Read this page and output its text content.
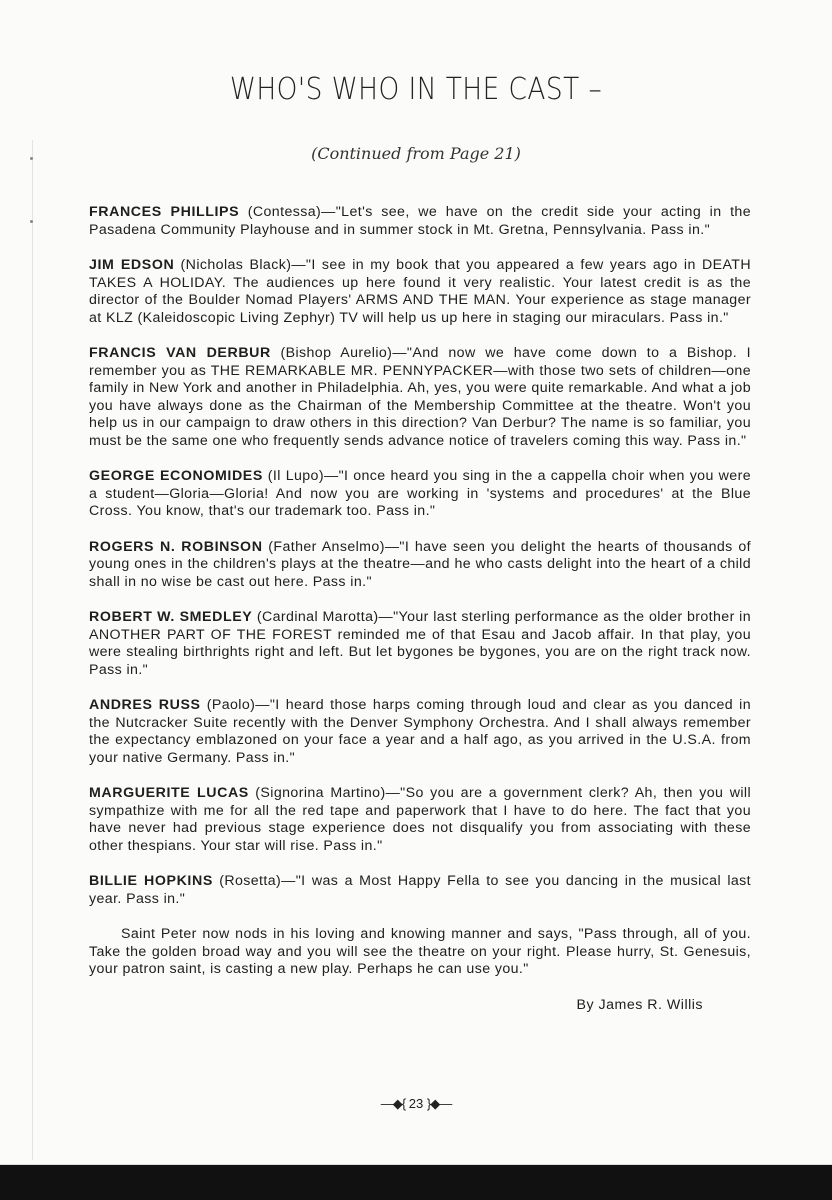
WHO'S WHO IN THE CAST –
(Continued from Page 21)

FRANCES PHILLIPS (Contessa)—"Let's see, we have on the credit side your acting in the Pasadena Community Playhouse and in summer stock in Mt. Gretna, Pennsylvania. Pass in."

JIM EDSON (Nicholas Black)—"I see in my book that you appeared a few years ago in DEATH TAKES A HOLIDAY. The audiences up here found it very realistic. Your latest credit is as the director of the Boulder Nomad Players' ARMS AND THE MAN. Your experience as stage manager at KLZ (Kaleidoscopic Living Zephyr) TV will help us up here in staging our miraculars. Pass in."

FRANCIS VAN DERBUR (Bishop Aurelio)—"And now we have come down to a Bishop. I remember you as THE REMARKABLE MR. PENNYPACKER—with those two sets of children—one family in New York and another in Philadelphia. Ah, yes, you were quite remarkable. And what a job you have always done as the Chairman of the Membership Committee at the theatre. Won't you help us in our campaign to draw others in this direction? Van Derbur? The name is so familiar, you must be the same one who frequently sends advance notice of travelers coming this way. Pass in."

GEORGE ECONOMIDES (Il Lupo)—"I once heard you sing in the a cappella choir when you were a student—Gloria—Gloria! And now you are working in 'systems and procedures' at the Blue Cross. You know, that's our trademark too. Pass in."

ROGERS N. ROBINSON (Father Anselmo)—"I have seen you delight the hearts of thousands of young ones in the children's plays at the theatre—and he who casts delight into the heart of a child shall in no wise be cast out here. Pass in."

ROBERT W. SMEDLEY (Cardinal Marotta)—"Your last sterling performance as the older brother in ANOTHER PART OF THE FOREST reminded me of that Esau and Jacob affair. In that play, you were stealing birthrights right and left. But let bygones be bygones, you are on the right track now. Pass in."

ANDRES RUSS (Paolo)—"I heard those harps coming through loud and clear as you danced in the Nutcracker Suite recently with the Denver Symphony Orchestra. And I shall always remember the expectancy emblazoned on your face a year and a half ago, as you arrived in the U.S.A. from your native Germany. Pass in."

MARGUERITE LUCAS (Signorina Martino)—"So you are a government clerk? Ah, then you will sympathize with me for all the red tape and paperwork that I have to do here. The fact that you have never had previous stage experience does not disqualify you from associating with these other thespians. Your star will rise. Pass in."

BILLIE HOPKINS (Rosetta)—"I was a Most Happy Fella to see you dancing in the musical last year. Pass in."

Saint Peter now nods in his loving and knowing manner and says, "Pass through, all of you. Take the golden broad way and you will see the theatre on your right. Please hurry, St. Genesuis, your patron saint, is casting a new play. Perhaps he can use you."

By James R. Willis

—◆{ 23 }◆—
